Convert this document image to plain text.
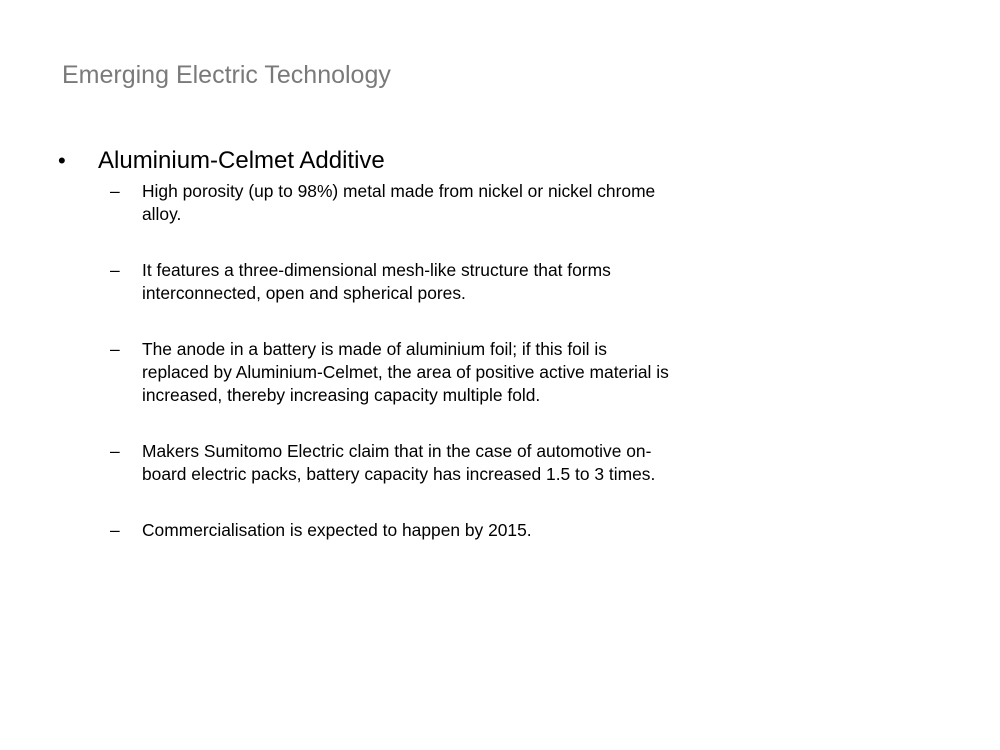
Emerging Electric Technology
•	Aluminium-Celmet Additive
–	High porosity (up to 98%) metal made from nickel or nickel chrome alloy.
–	It features a three-dimensional mesh-like structure that forms interconnected, open and spherical pores.
–	The anode in a battery is made of aluminium foil; if this foil is replaced by Aluminium-Celmet, the area of positive active material is increased, thereby increasing capacity multiple fold.
–	Makers Sumitomo Electric claim that in the case of automotive on-board electric packs, battery capacity has increased 1.5 to 3 times.
–	Commercialisation is expected to happen by 2015.
